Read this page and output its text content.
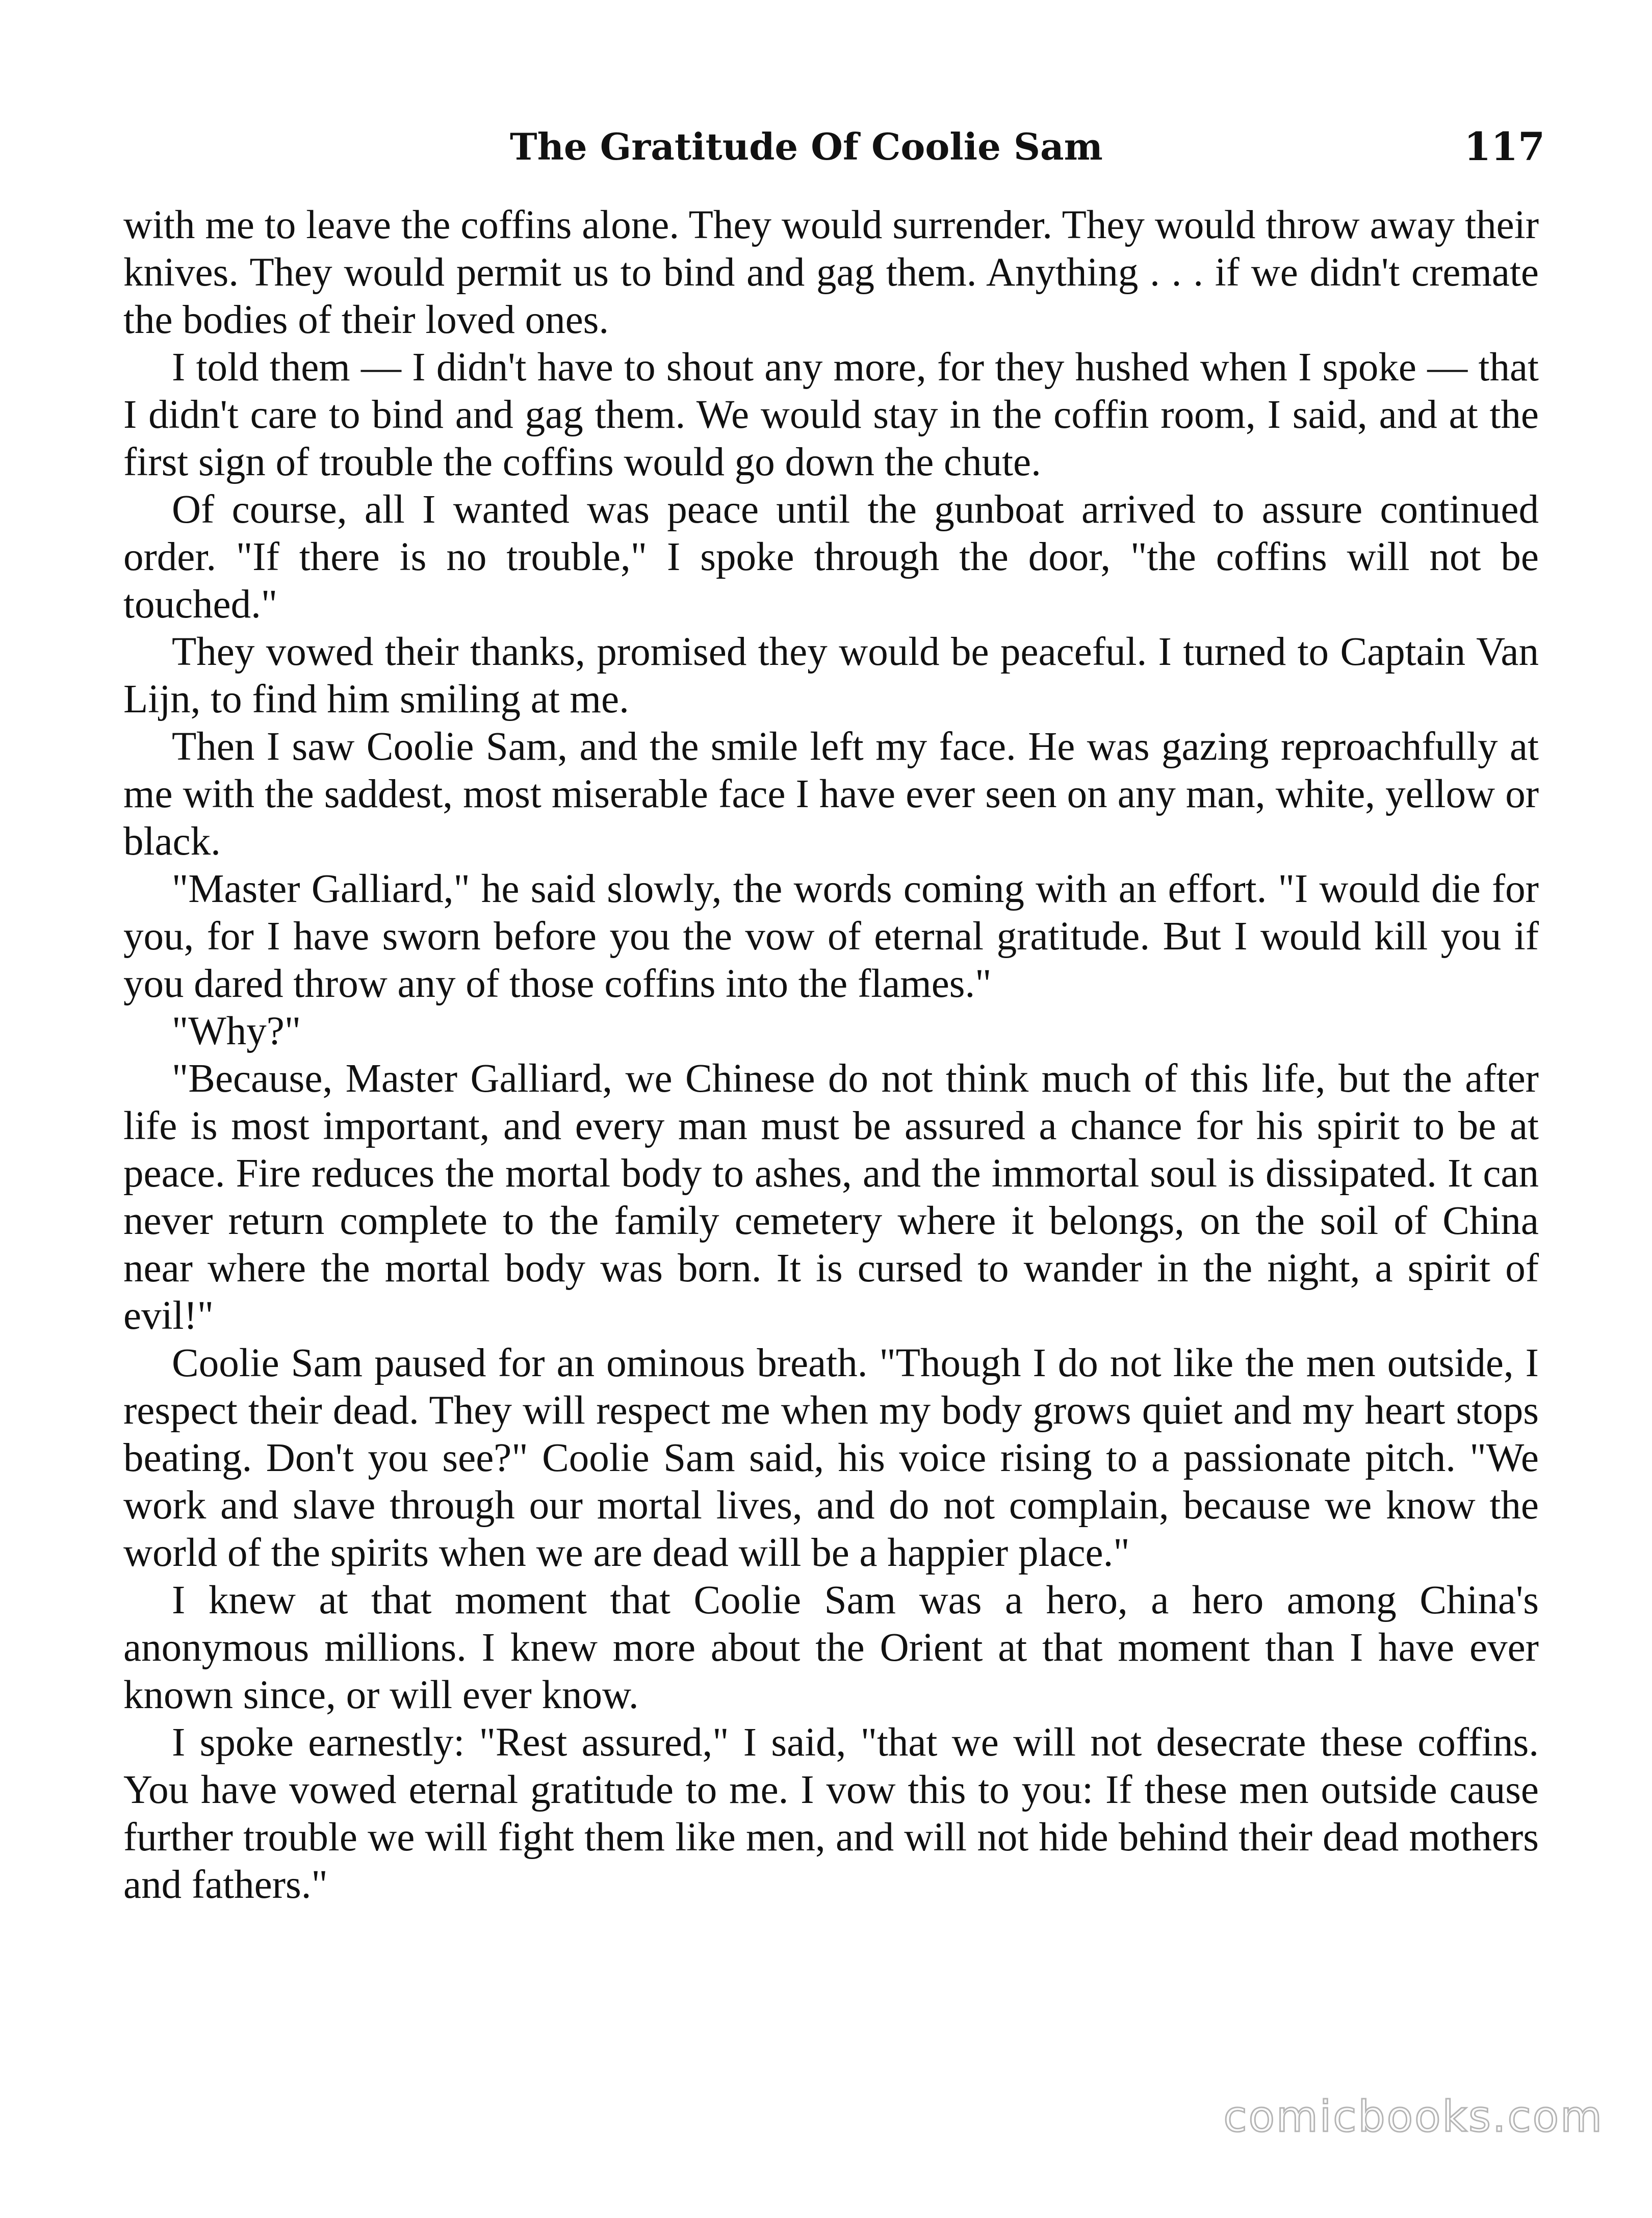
The Gratitude Of Coolie Sam	117

with me to leave the coffins alone. They would surrender. They would throw away their knives. They would permit us to bind and gag them. Anything . . . if we didn't cremate the bodies of their loved ones.

I told them — I didn't have to shout any more, for they hushed when I spoke — that I didn't care to bind and gag them. We would stay in the coffin room, I said, and at the first sign of trouble the coffins would go down the chute.

Of course, all I wanted was peace until the gunboat arrived to assure continued order. "If there is no trouble," I spoke through the door, "the coffins will not be touched."

They vowed their thanks, promised they would be peaceful. I turned to Captain Van Lijn, to find him smiling at me.

Then I saw Coolie Sam, and the smile left my face. He was gazing reproachfully at me with the saddest, most miserable face I have ever seen on any man, white, yellow or black.

"Master Galliard," he said slowly, the words coming with an effort. "I would die for you, for I have sworn before you the vow of eternal gratitude. But I would kill you if you dared throw any of those coffins into the flames."

"Why?"

"Because, Master Galliard, we Chinese do not think much of this life, but the after life is most important, and every man must be assured a chance for his spirit to be at peace. Fire reduces the mortal body to ashes, and the immortal soul is dissipated. It can never return complete to the family cemetery where it belongs, on the soil of China near where the mortal body was born. It is cursed to wander in the night, a spirit of evil!"

Coolie Sam paused for an ominous breath. "Though I do not like the men outside, I respect their dead. They will respect me when my body grows quiet and my heart stops beating. Don't you see?" Coolie Sam said, his voice rising to a passionate pitch. "We work and slave through our mortal lives, and do not complain, because we know the world of the spirits when we are dead will be a happier place."

I knew at that moment that Coolie Sam was a hero, a hero among China's anonymous millions. I knew more about the Orient at that moment than I have ever known since, or will ever know.

I spoke earnestly: "Rest assured," I said, "that we will not desecrate these coffins. You have vowed eternal gratitude to me. I vow this to you: If these men outside cause further trouble we will fight them like men, and will not hide behind their dead mothers and fathers."

comicbooks.com
